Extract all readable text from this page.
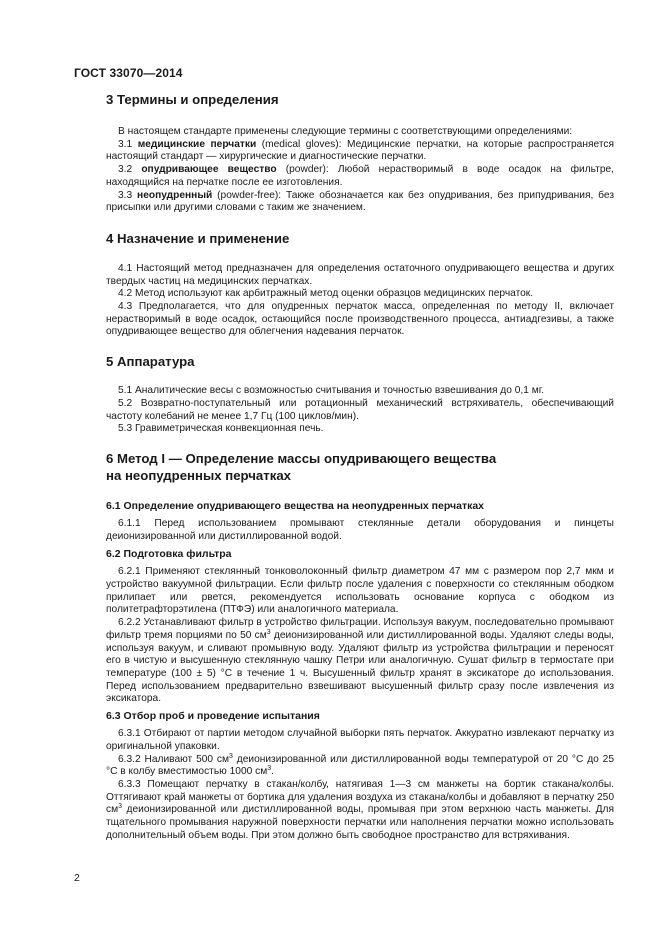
ГОСТ 33070—2014
3 Термины и определения

В настоящем стандарте применены следующие термины с соответствующими определениями:

3.1 медицинские перчатки (medical gloves): Медицинские перчатки, на которые распространяется настоящий стандарт — хирургические и диагностические перчатки.

3.2 опудривающее вещество (powder): Любой нерастворимый в воде осадок на фильтре, находящийся на перчатке после ее изготовления.

3.3 неопудренный (powder-free): Также обозначается как без опудривания, без припудривания, без присыпки или другими словами с таким же значением.

4 Назначение и применение

4.1 Настоящий метод предназначен для определения остаточного опудривающего вещества и других твердых частиц на медицинских перчатках.

4.2 Метод используют как арбитражный метод оценки образцов медицинских перчаток.

4.3 Предполагается, что для опудренных перчаток масса, определенная по методу II, включает нерастворимый в воде осадок, остающийся после производственного процесса, антиадгезивы, а также опудривающее вещество для облегчения надевания перчаток.

5 Аппаратура

5.1 Аналитические весы с возможностью считывания и точностью взвешивания до 0,1 мг.

5.2 Возвратно-поступательный или ротационный механический встряхиватель, обеспечивающий частоту колебаний не менее 1,7 Гц (100 циклов/мин).

5.3 Гравиметрическая конвекционная печь.

6 Метод I — Определение массы опудривающего вещества
на неопудренных перчатках
6.1 Определение опудривающего вещества на неопудренных перчатках

6.1.1 Перед использованием промывают стеклянные детали оборудования и пинцеты деионизированной или дистиллированной водой.

6.2 Подготовка фильтра

6.2.1 Применяют стеклянный тонковолоконный фильтр диаметром 47 мм с размером пор 2,7 мкм и устройство вакуумной фильтрации. Если фильтр после удаления с поверхности со стеклянным ободком прилипает или рвется, рекомендуется использовать основание корпуса с ободком из политетрафторэтилена (ПТФЭ) или аналогичного материала.

6.2.2 Устанавливают фильтр в устройство фильтрации. Используя вакуум, последовательно промывают фильтр тремя порциями по 50 $см^3$ деионизированной или дистиллированной воды. Удаляют следы воды, используя вакуум, и сливают промывную воду. Удаляют фильтр из устройства фильтрации и переносят его в чистую и высушенную стеклянную чашку Петри или аналогичную. Сушат фильтр в термостате при температуре (100 ± 5) °С в течение 1 ч. Высушенный фильтр хранят в эксикаторе до использования. Перед использованием предварительно взвешивают высушенный фильтр сразу после извлечения из эксикатора.

6.3 Отбор проб и проведение испытания

6.3.1 Отбирают от партии методом случайной выборки пять перчаток. Аккуратно извлекают перчатку из оригинальной упаковки.

6.3.2 Наливают 500 $см^3$ деионизированной или дистиллированной воды температурой от 20 °С до 25 °С в колбу вместимостью 1000 $см^3$.

6.3.3 Помещают перчатку в стакан/колбу, натягивая 1—3 см манжеты на бортик стакана/колбы. Оттягивают край манжеты от бортика для удаления воздуха из стакана/колбы и добавляют в перчатку 250 $см^3$ деионизированной или дистиллированной воды, промывая при этом верхнюю часть манжеты. Для тщательного промывания наружной поверхности перчатки или наполнения перчатки можно использовать дополнительный объем воды. При этом должно быть свободное пространство для встряхивания.

2
